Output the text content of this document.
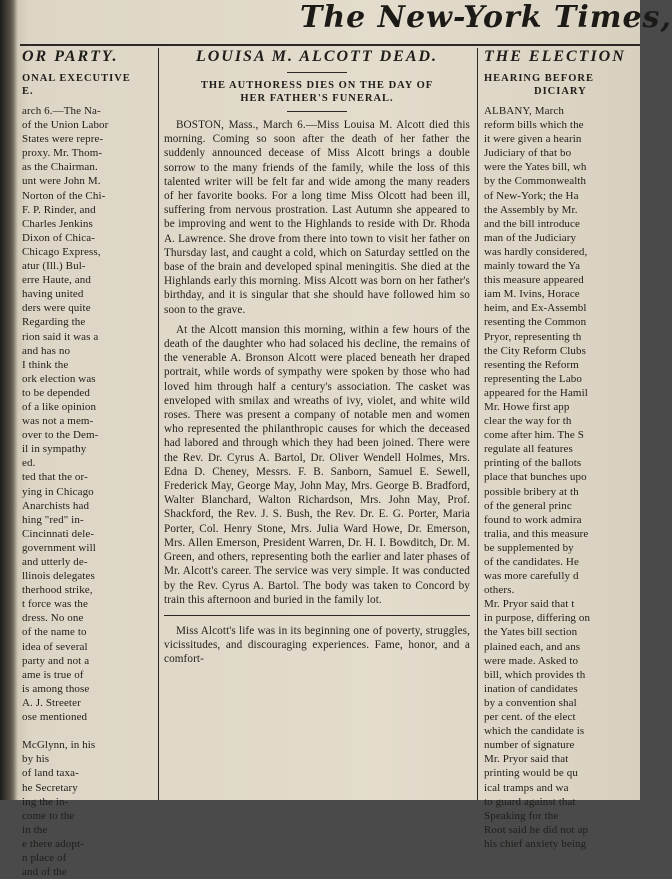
The New-York Times,
OR PARTY.
ONAL EXECUTIVE
E.
arch 6.—The Na-
of the Union Labor
States were repre-
proxy. Mr. Thom-
as the Chairman.
unt were John M.
Norton of the Chi-
F. P. Rinder, and
Charles Jenkins
Dixon of Chica-
Chicago Express,
atur (Ill.) Bul-
erre Haute, and
having united
ders were quite
Regarding the
rion said it was a
and has no
I think the
ork election was
to be depended
of a like opinion
was not a mem-
over to the Dem-
il in sympathy
ed.
ted that the or-
ying in Chicago
Anarchists had
hing "red" in-
Cincinnati dele-
government will
and utterly de-
llinois delegates
therhood strike,
t force was the
dress. No one
of the name to
idea of several
party and not a
ame is true of
is among those
A. J. Streeter
ose mentioned

McGlynn, in his
by his
of land taxa-
he Secretary
ing the in-
come to the
in the
e there adopt-
n place of
and of the
LOUISA M. ALCOTT DEAD.
THE AUTHORESS DIES ON THE DAY OF
HER FATHER'S FUNERAL.

BOSTON, Mass., March 6.—Miss Louisa M. Alcott died this morning. Coming so soon after the death of her father the suddenly announced decease of Miss Alcott brings a double sorrow to the many friends of the family, while the loss of this talented writer will be felt far and wide among the many readers of her favorite books. For a long time Miss Olcott had been ill, suffering from nervous prostration. Last Autumn she appeared to be improving and went to the Highlands to reside with Dr. Rhoda A. Lawrence. She drove from there into town to visit her father on Thursday last, and caught a cold, which on Saturday settled on the base of the brain and developed spinal meningitis. She died at the Highlands early this morning. Miss Alcott was born on her father's birthday, and it is singular that she should have followed him so soon to the grave.

At the Alcott mansion this morning, within a few hours of the death of the daughter who had solaced his decline, the remains of the venerable A. Bronson Alcott were placed beneath her draped portrait, while words of sympathy were spoken by those who had loved him through half a century's association. The casket was enveloped with smilax and wreaths of ivy, violet, and white wild roses. There was present a company of notable men and women who represented the philanthropic causes for which the deceased had labored and through which they had been joined. There were the Rev. Dr. Cyrus A. Bartol, Dr. Oliver Wendell Holmes, Mrs. Edna D. Cheney, Messrs. F. B. Sanborn, Samuel E. Sewell, Frederick May, George May, John May, Mrs. George B. Bradford, Walter Blanchard, Walton Richardson, Mrs. John May, Prof. Shackford, the Rev. J. S. Bush, the Rev. Dr. E. G. Porter, Maria Porter, Col. Henry Stone, Mrs. Julia Ward Howe, Dr. Emerson, Mrs. Allen Emerson, President Warren, Dr. H. I. Bowditch, Dr. M. Green, and others, representing both the earlier and later phases of Mr. Alcott's career. The service was very simple. It was conducted by the Rev. Cyrus A. Bartol. The body was taken to Concord by train this afternoon and buried in the family lot.

Miss Alcott's life was in its beginning one of poverty, struggles, vicissitudes, and discouraging experiences. Fame, honor, and a comfort-

THE ELECTION
HEARING BEFORE
DICIARY
ALBANY, March
reform bills which the
it were given a hearin
Judiciary of that bo
were the Yates bill, wh
by the Commonwealth
of New-York; the Ha
the Assembly by Mr.
and the bill introduce
man of the Judiciary
was hardly considered,
mainly toward the Ya
this measure appeared
iam M. Ivins, Horace
heim, and Ex-Assembl
resenting the Common
Pryor, representing th
the City Reform Clubs
resenting the Reform
representing the Labo
appeared for the Hamil
Mr. Howe first app
clear the way for th
come after him. The S
regulate all features
printing of the ballots
place that bunches upo
possible bribery at th
of the general princ
found to work admira
tralia, and this measure
be supplemented by
of the candidates. He
was more carefully d
others.
Mr. Pryor said that t
in purpose, differing on
the Yates bill section
plained each, and ans
were made. Asked to
bill, which provides th
ination of candidates
by a convention shal
per cent. of the elect
which the candidate is
number of signature
Mr. Pryor said that
printing would be qu
ical tramps and wa
to guard against that
Speaking for the
Root said he did not ap
his chief anxiety being
